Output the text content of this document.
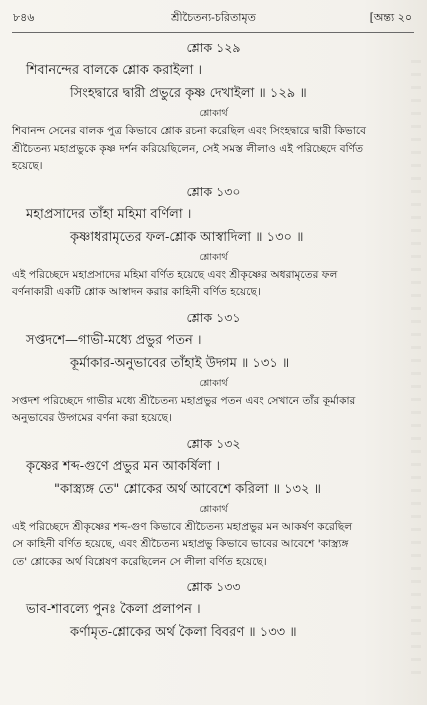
৮৪৬	শ্রীচৈতন্য-চরিতামৃত	[অন্ত্য ২০
শ্লোক ১২৯
শিবানন্দের বালকে শ্লোক করাইলা ।
সিংহদ্বারে দ্বারী প্রভুরে কৃষ্ণ দেখাইলা ॥ ১২৯ ॥
শ্লোকার্থ
শিবানন্দ সেনের বালক পুত্র কিভাবে শ্লোক রচনা করেছিল এবং সিংহদ্বারে দ্বারী কিভাবে
শ্রীচৈতন্য মহাপ্রভুকে কৃষ্ণ দর্শন করিয়েছিলেন, সেই সমস্ত লীলাও এই পরিচ্ছেদে বর্ণিত
হয়েছে।
শ্লোক ১৩০
মহাপ্রসাদের তাঁহা মহিমা বর্ণিলা ।
কৃষ্ণাধরামৃতের ফল-শ্লোক আস্বাদিলা ॥ ১৩০ ॥
শ্লোকার্থ
এই পরিচ্ছেদে মহাপ্রসাদের মহিমা বর্ণিত হয়েছে এবং শ্রীকৃষ্ণের অধরামৃতের ফল
বর্ণনাকারী একটি শ্লোক আস্বাদন করার কাহিনী বর্ণিত হয়েছে।
শ্লোক ১৩১
সপ্তদশে—গাভী-মধ্যে প্রভুর পতন ।
কূর্মাকার-অনুভাবের তাঁহাই উদ্গম ॥ ১৩১ ॥
শ্লোকার্থ
সপ্তদশ পরিচ্ছেদে গাভীর মধ্যে শ্রীচৈতন্য মহাপ্রভুর পতন এবং সেখানে তাঁর কূর্মাকার
অনুভাবের উদ্গমের বর্ণনা করা হয়েছে।
শ্লোক ১৩২
কৃষ্ণের শব্দ-গুণে প্রভুর মন আকর্ষিলা ।
"কাস্ত্র্যঙ্গ তে" শ্লোকের অর্থ আবেশে করিলা ॥ ১৩২ ॥
শ্লোকার্থ
এই পরিচ্ছেদে শ্রীকৃষ্ণের শব্দ-গুণ কিভাবে শ্রীচৈতন্য মহাপ্রভুর মন আকর্ষণ করেছিল
সে কাহিনী বর্ণিত হয়েছে, এবং শ্রীচৈতন্য মহাপ্রভু কিভাবে ভাবের আবেশে 'কাস্ত্র্যঙ্গ
তে' শ্লোকের অর্থ বিশ্লেষণ করেছিলেন সে লীলা বর্ণিত হয়েছে।
শ্লোক ১৩৩
ভাব-শাবল্যে পুনঃ কৈলা প্রলাপন ।
কর্ণামৃত-শ্লোকের অর্থ কৈলা বিবরণ ॥ ১৩৩ ॥
